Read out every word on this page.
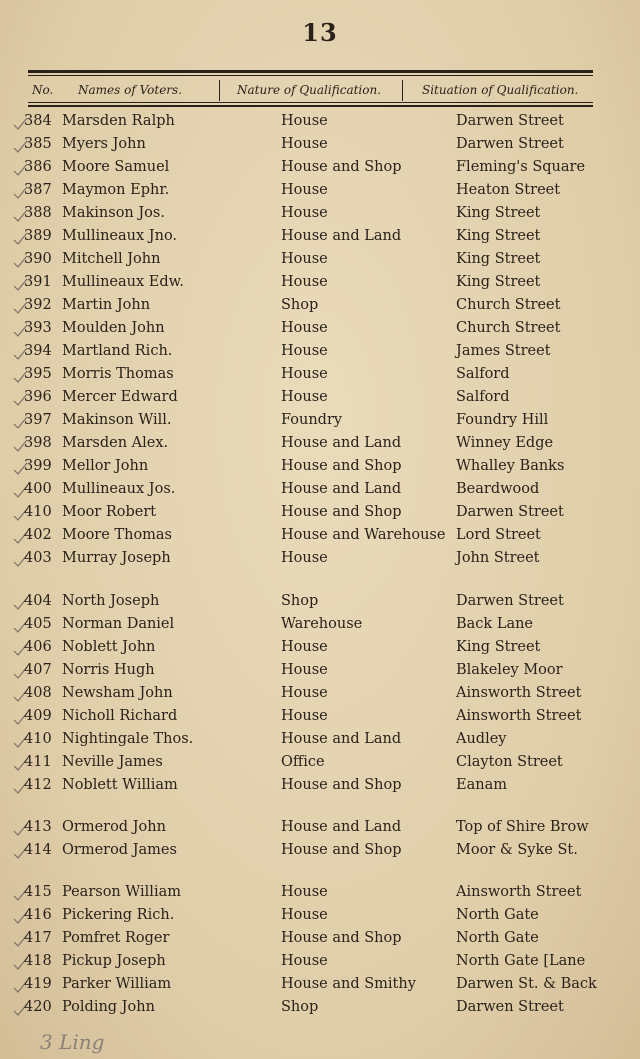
13
No. Names of Voters.	Nature of Qualification.	Situation of Qualification.
384 Marsden Ralph	House	Darwen Street
385 Myers John	House	Darwen Street
386 Moore Samuel	House and Shop	Fleming's Square
387 Maymon Ephr.	House	Heaton Street
388 Makinson Jos.	House	King Street
389 Mullineaux Jno.	House and Land	King Street
390 Mitchell John	House	King Street
391 Mullineaux Edw.	House	King Street
392 Martin John	Shop	Church Street
393 Moulden John	House	Church Street
394 Martland Rich.	House	James Street
395 Morris Thomas	House	Salford
396 Mercer Edward	House	Salford
397 Makinson Will.	Foundry	Foundry Hill
398 Marsden Alex.	House and Land	Winney Edge
399 Mellor John	House and Shop	Whalley Banks
400 Mullineaux Jos.	House and Land	Beardwood
410 Moor Robert	House and Shop	Darwen Street
402 Moore Thomas	House and Warehouse Lord Street
403 Murray Joseph	House	John Street
404 North Joseph	Shop	Darwen Street
405 Norman Daniel	Warehouse	Back Lane
406 Noblett John	House	King Street
407 Norris Hugh	House	Blakeley Moor
408 Newsham John	House	Ainsworth Street
409 Nicholl Richard	House	Ainsworth Street
410 Nightingale Thos.	House and Land	Audley
411 Neville James	Office	Clayton Street
412 Noblett William	House and Shop	Eanam
413 Ormerod John	House and Land	Top of Shire Brow
414 Ormerod James	House and Shop	Moor & Syke St.
415 Pearson William	House	Ainsworth Street
416 Pickering Rich.	House	North Gate
417 Pomfret Roger	House and Shop	North Gate
418 Pickup Joseph	House	North Gate [Lane
419 Parker William	House and Smithy	Darwen St. & Back
420 Polding John	Shop	Darwen Street
3 Ling
